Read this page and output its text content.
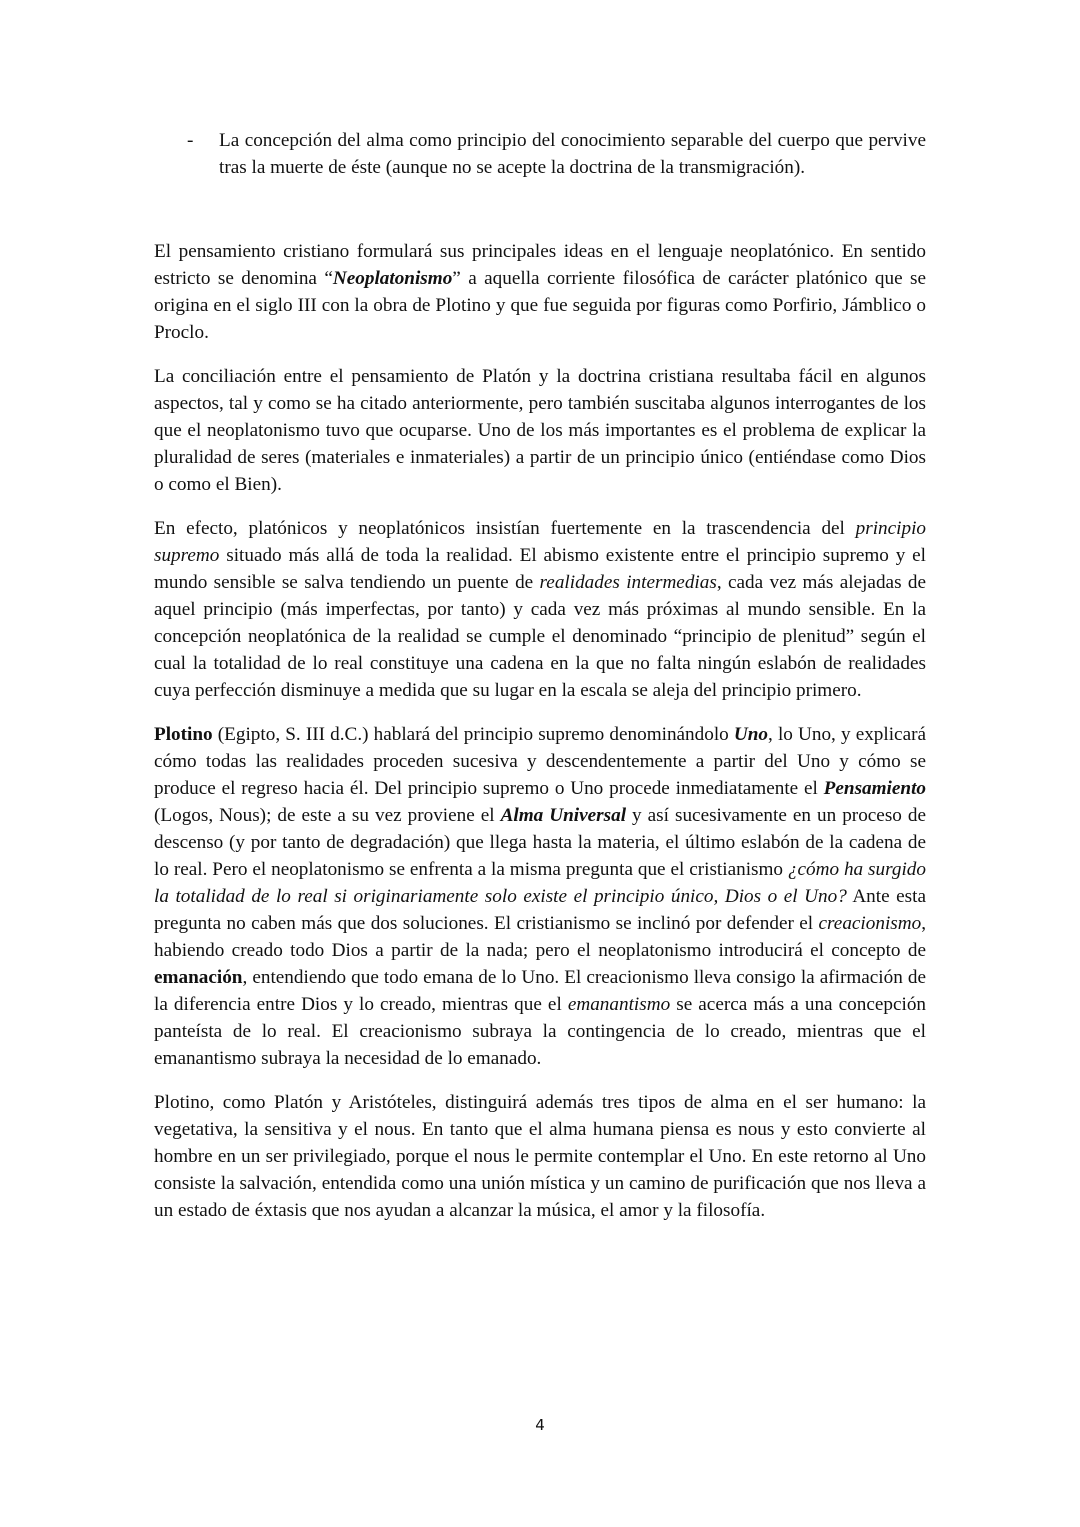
-	La concepción del alma como principio del conocimiento separable del cuerpo que pervive tras la muerte de éste (aunque no se acepte la doctrina de la transmigración).

El pensamiento cristiano formulará sus principales ideas en el lenguaje neoplatónico. En sentido estricto se denomina “Neoplatonismo” a aquella corriente filosófica de carácter platónico que se origina en el siglo III con la obra de Plotino y que fue seguida por figuras como Porfirio, Jámblico o Proclo.

La conciliación entre el pensamiento de Platón y la doctrina cristiana resultaba fácil en algunos aspectos, tal y como se ha citado anteriormente, pero también suscitaba algunos interrogantes de los que el neoplatonismo tuvo que ocuparse. Uno de los más importantes es el problema de explicar la pluralidad de seres (materiales e inmateriales) a partir de un principio único (entiéndase como Dios o como el Bien).

En efecto, platónicos y neoplatónicos insistían fuertemente en la trascendencia del principio supremo situado más allá de toda la realidad. El abismo existente entre el principio supremo y el mundo sensible se salva tendiendo un puente de realidades intermedias, cada vez más alejadas de aquel principio (más imperfectas, por tanto) y cada vez más próximas al mundo sensible. En la concepción neoplatónica de la realidad se cumple el denominado “principio de plenitud” según el cual la totalidad de lo real constituye una cadena en la que no falta ningún eslabón de realidades cuya perfección disminuye a medida que su lugar en la escala se aleja del principio primero.

Plotino (Egipto, S. III d.C.) hablará del principio supremo denominándolo Uno, lo Uno, y explicará cómo todas las realidades proceden sucesiva y descendentemente a partir del Uno y cómo se produce el regreso hacia él. Del principio supremo o Uno procede inmediatamente el Pensamiento (Logos, Nous); de este a su vez proviene el Alma Universal y así sucesivamente en un proceso de descenso (y por tanto de degradación) que llega hasta la materia, el último eslabón de la cadena de lo real. Pero el neoplatonismo se enfrenta a la misma pregunta que el cristianismo ¿cómo ha surgido la totalidad de lo real si originariamente solo existe el principio único, Dios o el Uno? Ante esta pregunta no caben más que dos soluciones. El cristianismo se inclinó por defender el creacionismo, habiendo creado todo Dios a partir de la nada; pero el neoplatonismo introducirá el concepto de emanación, entendiendo que todo emana de lo Uno. El creacionismo lleva consigo la afirmación de la diferencia entre Dios y lo creado, mientras que el emanantismo se acerca más a una concepción panteísta de lo real. El creacionismo subraya la contingencia de lo creado, mientras que el emanantismo subraya la necesidad de lo emanado.

Plotino, como Platón y Aristóteles, distinguirá además tres tipos de alma en el ser humano: la vegetativa, la sensitiva y el nous. En tanto que el alma humana piensa es nous y esto convierte al hombre en un ser privilegiado, porque el nous le permite contemplar el Uno. En este retorno al Uno consiste la salvación, entendida como una unión mística y un camino de purificación que nos lleva a un estado de éxtasis que nos ayudan a alcanzar la música, el amor y la filosofía.

4
